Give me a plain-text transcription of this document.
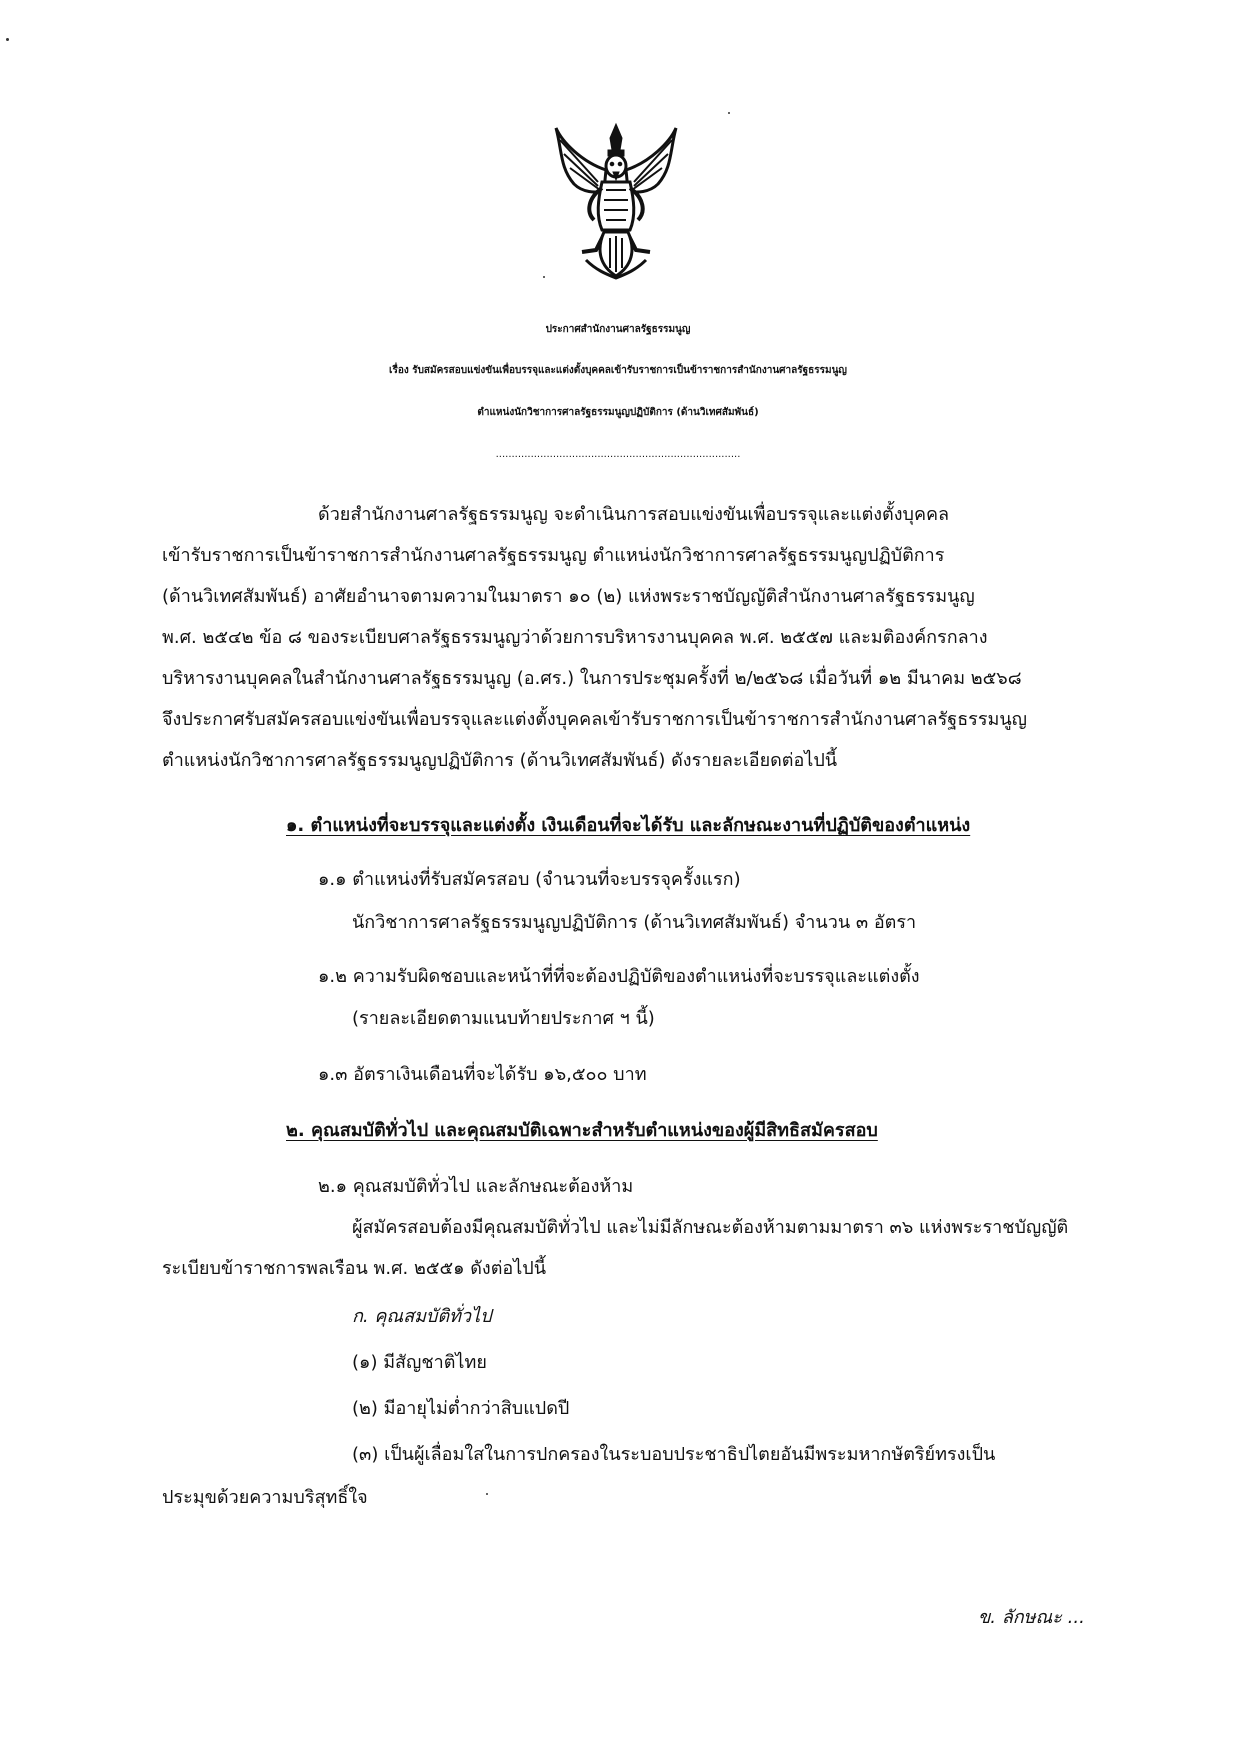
ประกาศสำนักงานศาลรัฐธรรมนูญ
เรื่อง รับสมัครสอบแข่งขันเพื่อบรรจุและแต่งตั้งบุคคลเข้ารับราชการเป็นข้าราชการสำนักงานศาลรัฐธรรมนูญ
ตำแหน่งนักวิชาการศาลรัฐธรรมนูญปฏิบัติการ (ด้านวิเทศสัมพันธ์)
.............................................................................
ด้วยสำนักงานศาลรัฐธรรมนูญ จะดำเนินการสอบแข่งขันเพื่อบรรจุและแต่งตั้งบุคคล
เข้ารับราชการเป็นข้าราชการสำนักงานศาลรัฐธรรมนูญ ตำแหน่งนักวิชาการศาลรัฐธรรมนูญปฏิบัติการ
(ด้านวิเทศสัมพันธ์) อาศัยอำนาจตามความในมาตรา ๑๐ (๒) แห่งพระราชบัญญัติสำนักงานศาลรัฐธรรมนูญ
พ.ศ. ๒๕๔๒ ข้อ ๘ ของระเบียบศาลรัฐธรรมนูญว่าด้วยการบริหารงานบุคคล พ.ศ. ๒๕๕๗ และมติองค์กรกลาง
บริหารงานบุคคลในสำนักงานศาลรัฐธรรมนูญ (อ.ศร.) ในการประชุมครั้งที่ ๒/๒๕๖๘ เมื่อวันที่ ๑๒ มีนาคม ๒๕๖๘
จึงประกาศรับสมัครสอบแข่งขันเพื่อบรรจุและแต่งตั้งบุคคลเข้ารับราชการเป็นข้าราชการสำนักงานศาลรัฐธรรมนูญ
ตำแหน่งนักวิชาการศาลรัฐธรรมนูญปฏิบัติการ (ด้านวิเทศสัมพันธ์) ดังรายละเอียดต่อไปนี้
๑. ตำแหน่งที่จะบรรจุและแต่งตั้ง เงินเดือนที่จะได้รับ และลักษณะงานที่ปฏิบัติของตำแหน่ง
๑.๑ ตำแหน่งที่รับสมัครสอบ (จำนวนที่จะบรรจุครั้งแรก)
นักวิชาการศาลรัฐธรรมนูญปฏิบัติการ (ด้านวิเทศสัมพันธ์) จำนวน ๓ อัตรา
๑.๒ ความรับผิดชอบและหน้าที่ที่จะต้องปฏิบัติของตำแหน่งที่จะบรรจุและแต่งตั้ง
(รายละเอียดตามแนบท้ายประกาศ ฯ นี้)
๑.๓ อัตราเงินเดือนที่จะได้รับ ๑๖,๕๐๐ บาท
๒. คุณสมบัติทั่วไป และคุณสมบัติเฉพาะสำหรับตำแหน่งของผู้มีสิทธิสมัครสอบ
๒.๑ คุณสมบัติทั่วไป และลักษณะต้องห้าม
ผู้สมัครสอบต้องมีคุณสมบัติทั่วไป และไม่มีลักษณะต้องห้ามตามมาตรา ๓๖ แห่งพระราชบัญญัติ
ระเบียบข้าราชการพลเรือน พ.ศ. ๒๕๕๑ ดังต่อไปนี้
ก. คุณสมบัติทั่วไป
(๑) มีสัญชาติไทย
(๒) มีอายุไม่ต่ำกว่าสิบแปดปี
(๓) เป็นผู้เลื่อมใสในการปกครองในระบอบประชาธิปไตยอันมีพระมหากษัตริย์ทรงเป็น
ประมุขด้วยความบริสุทธิ์ใจ
ข. ลักษณะ ...
